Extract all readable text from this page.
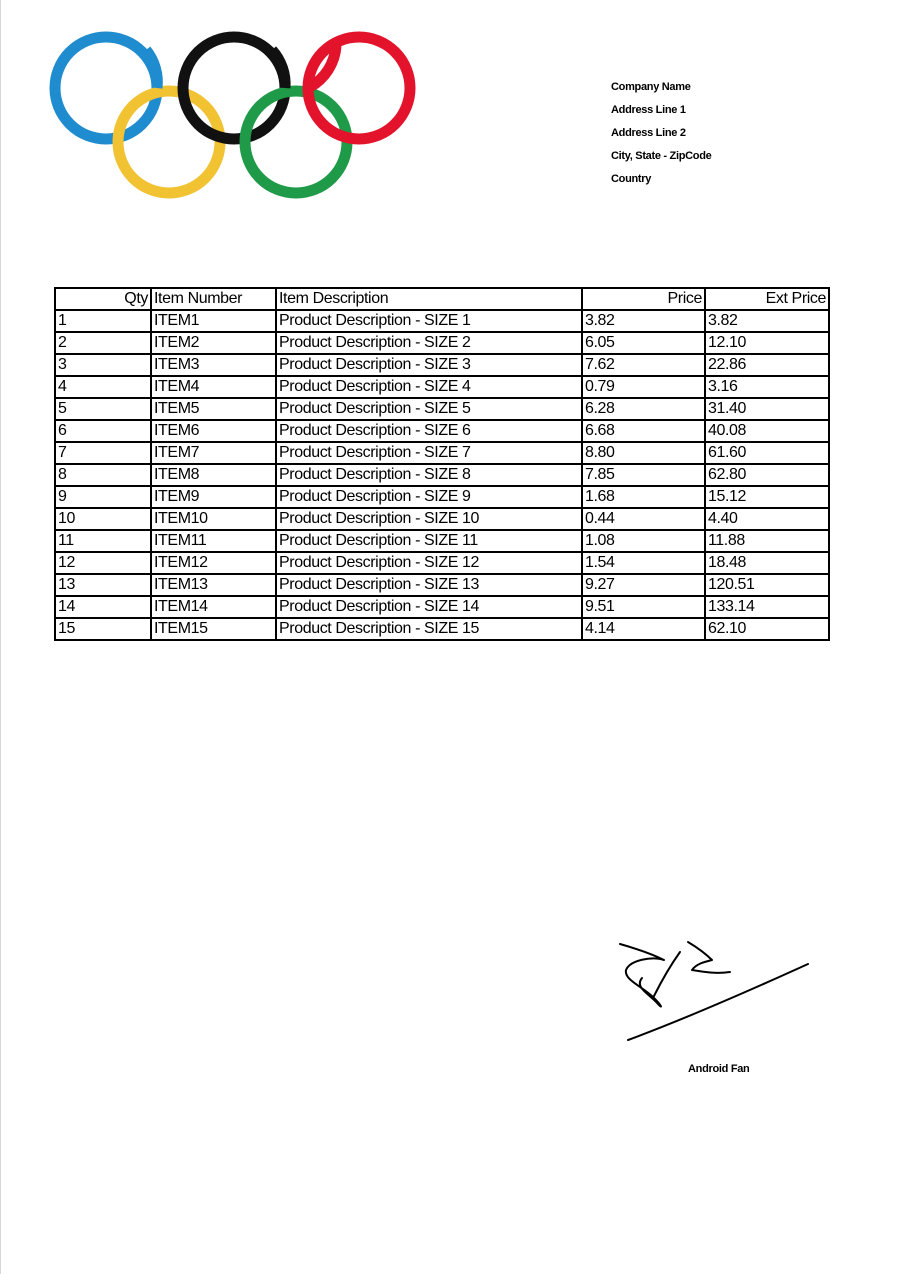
Company Name
Address Line 1
Address Line 2
City, State - ZipCode
Country
Qty	Item Number	Item Description	Price	Ext Price
1	ITEM1	Product Description - SIZE 1	3.82	3.82
2	ITEM2	Product Description - SIZE 2	6.05	12.10
3	ITEM3	Product Description - SIZE 3	7.62	22.86
4	ITEM4	Product Description - SIZE 4	0.79	3.16
5	ITEM5	Product Description - SIZE 5	6.28	31.40
6	ITEM6	Product Description - SIZE 6	6.68	40.08
7	ITEM7	Product Description - SIZE 7	8.80	61.60
8	ITEM8	Product Description - SIZE 8	7.85	62.80
9	ITEM9	Product Description - SIZE 9	1.68	15.12
10	ITEM10	Product Description - SIZE 10	0.44	4.40
11	ITEM11	Product Description - SIZE 11	1.08	11.88
12	ITEM12	Product Description - SIZE 12	1.54	18.48
13	ITEM13	Product Description - SIZE 13	9.27	120.51
14	ITEM14	Product Description - SIZE 14	9.51	133.14
15	ITEM15	Product Description - SIZE 15	4.14	62.10
Android Fan
